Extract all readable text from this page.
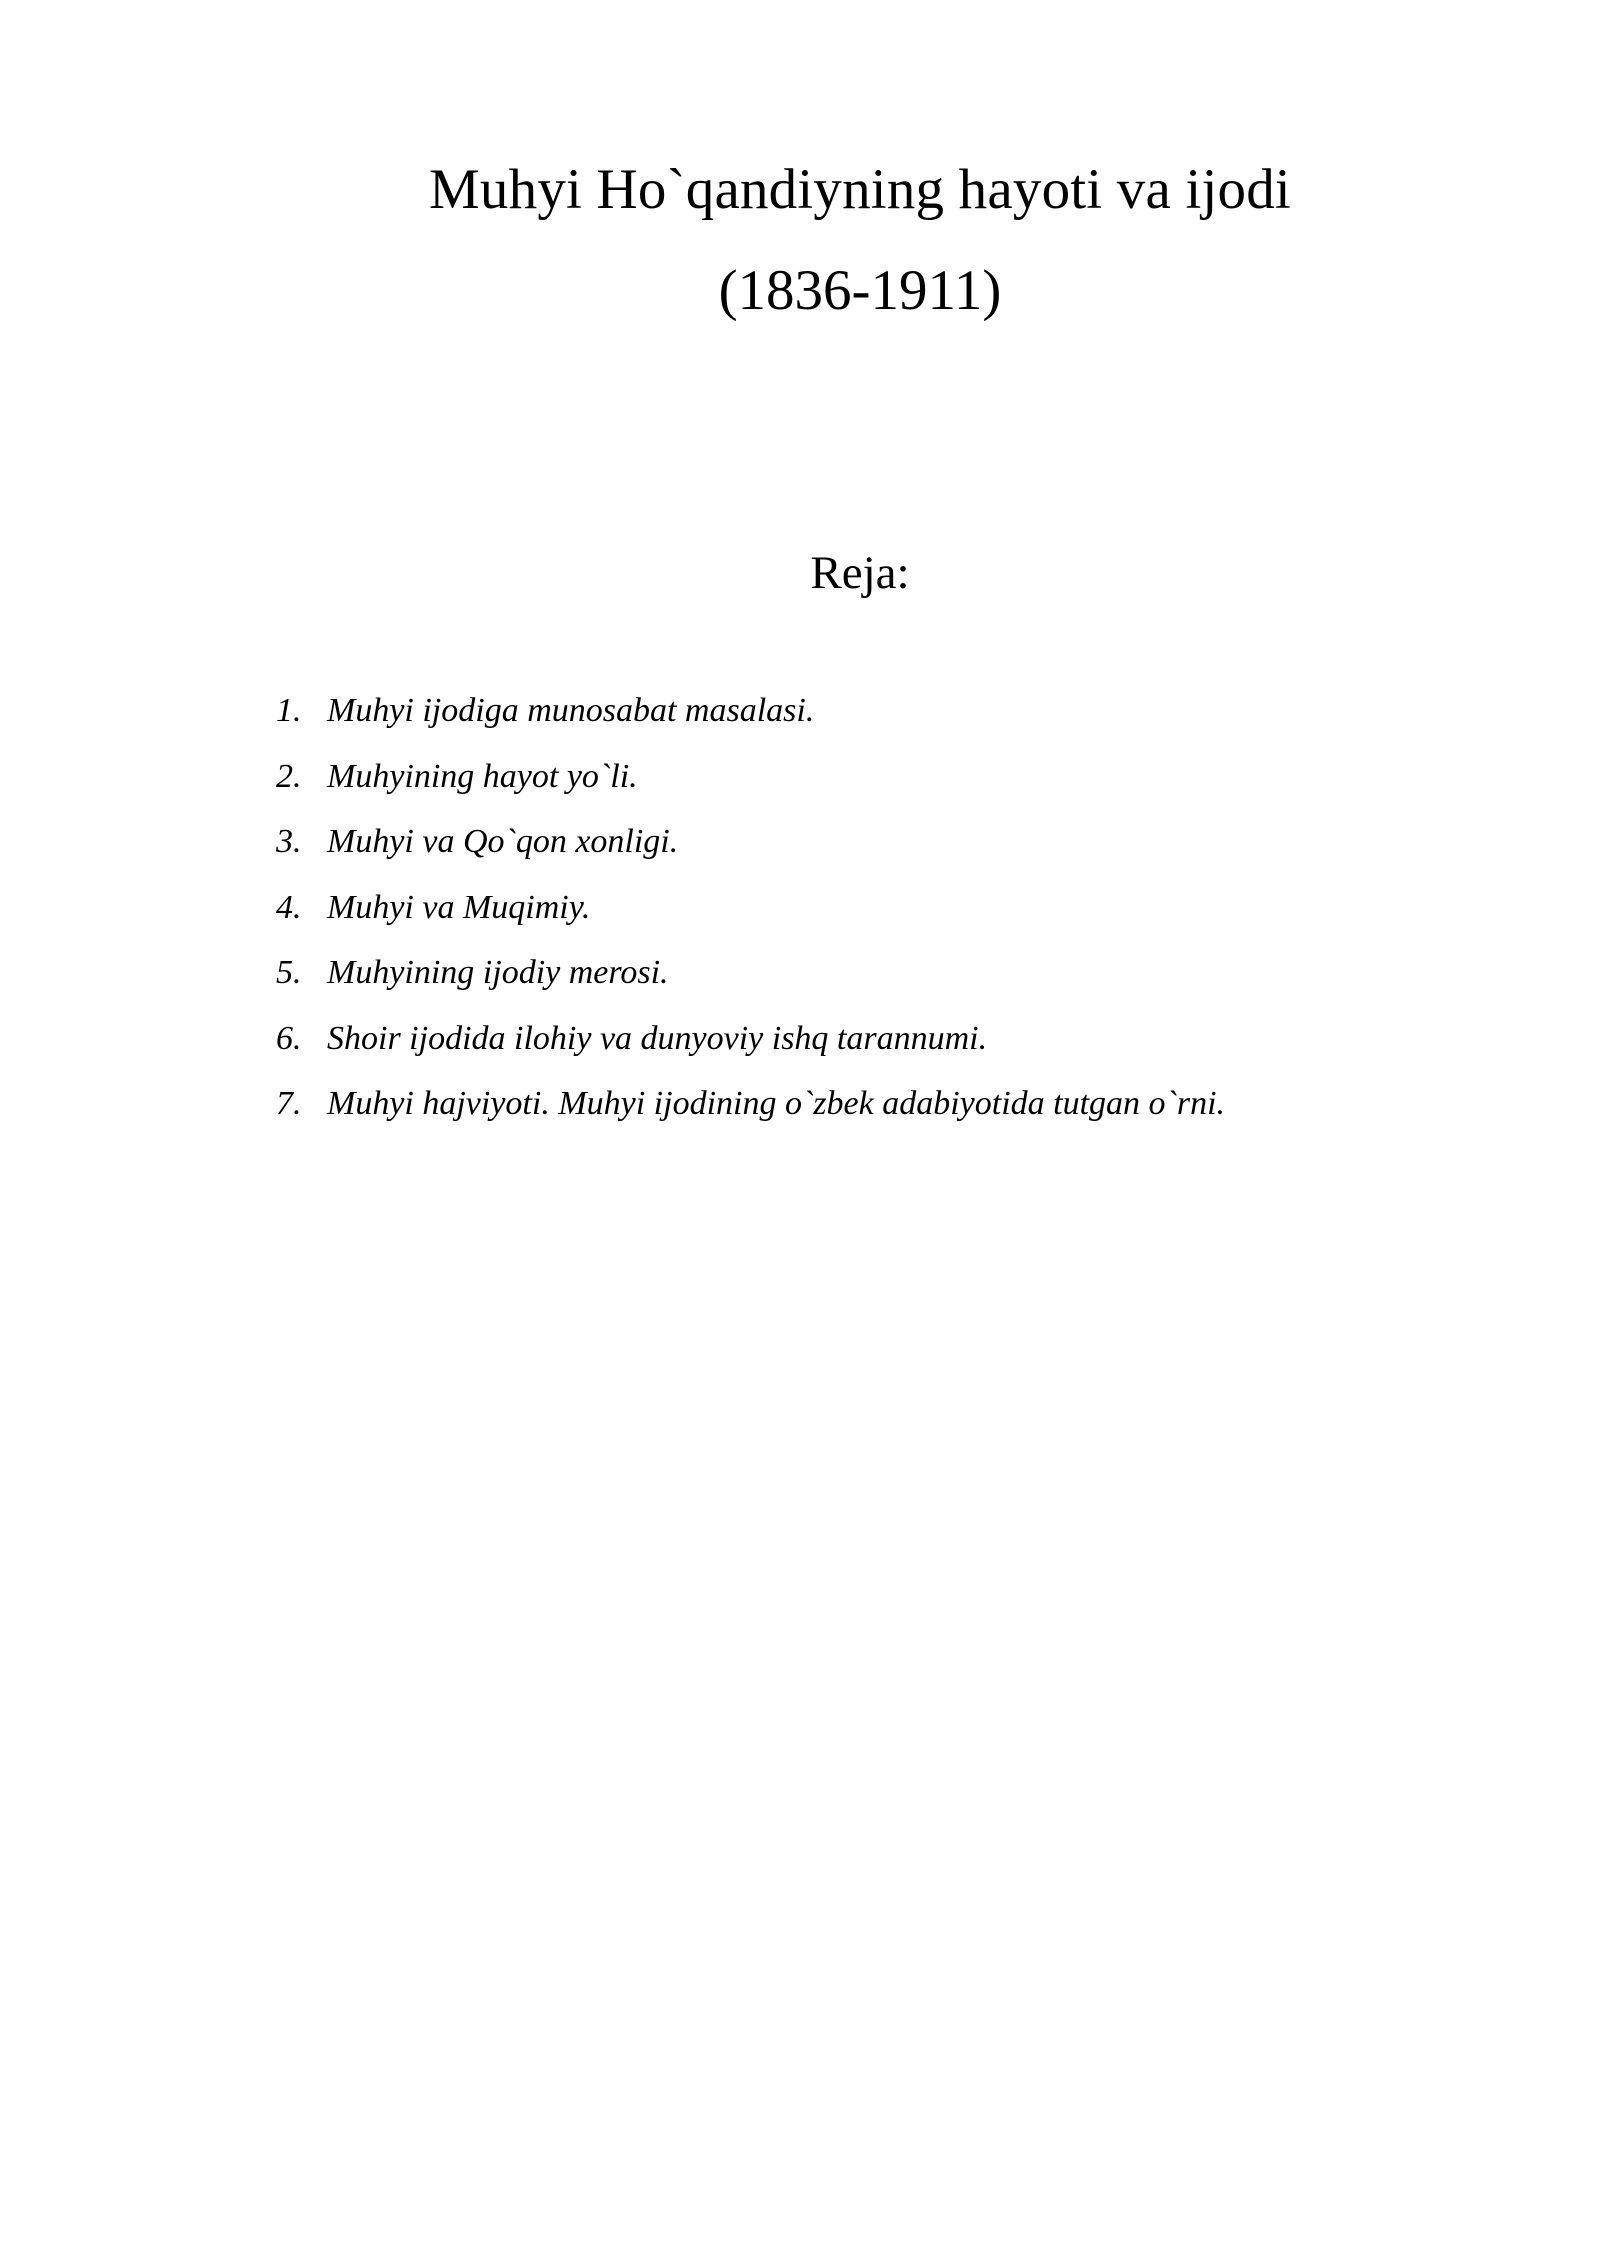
Muhyi Ho`qandiyning hayoti va ijodi
(1836-1911)
Reja:
1. Muhyi ijodiga munosabat masalasi.
2. Muhyining hayot yo`li.
3. Muhyi va Qo`qon xonligi.
4. Muhyi va Muqimiy.
5. Muhyining ijodiy merosi.
6. Shoir ijodida ilohiy va dunyoviy ishq tarannumi.
7. Muhyi hajviyoti. Muhyi ijodining o`zbek adabiyotida tutgan o`rni.
